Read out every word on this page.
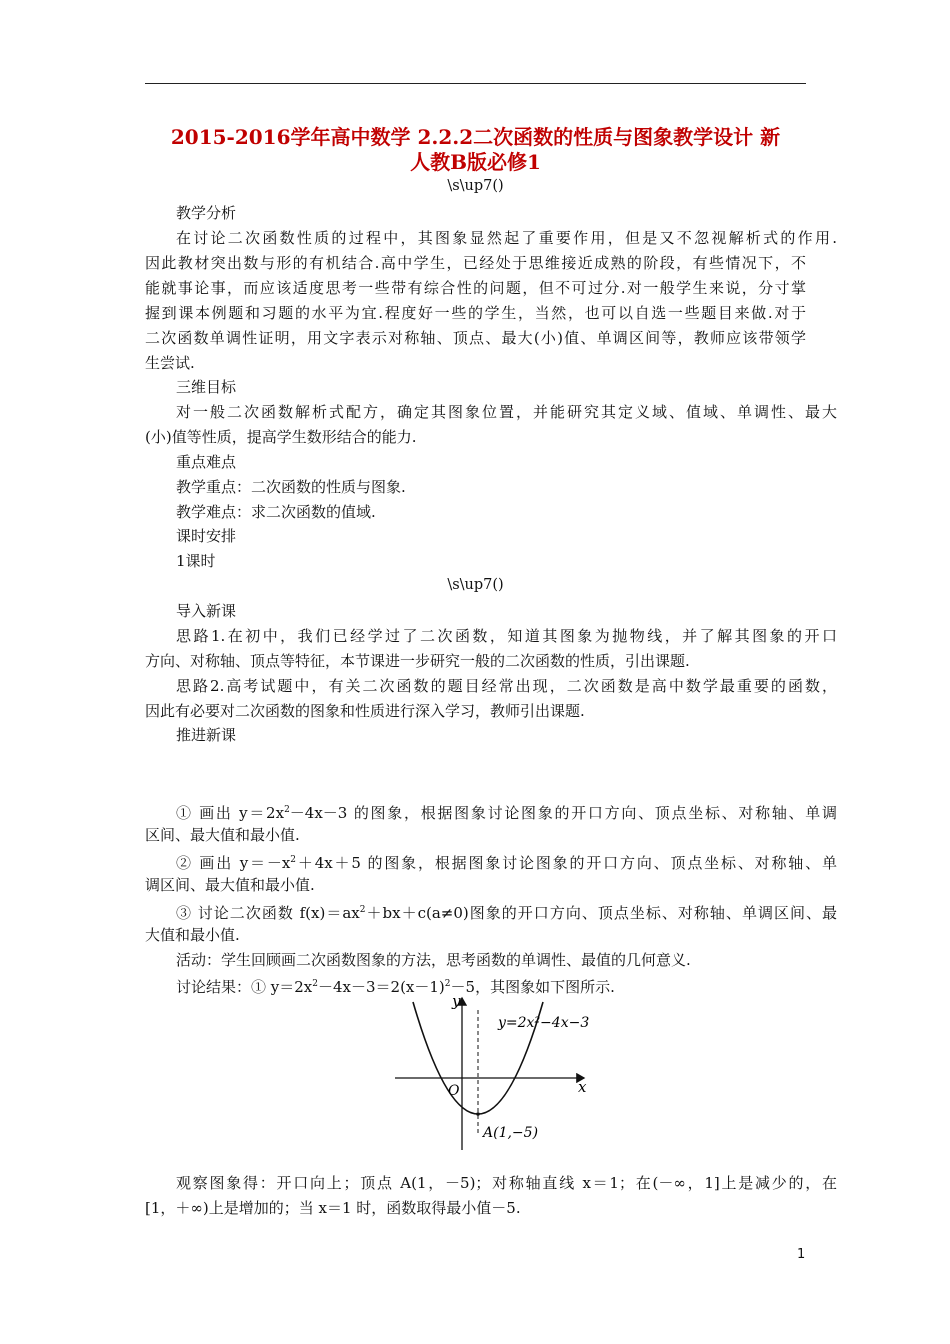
2015-2016学年高中数学 2.2.2二次函数的性质与图象教学设计 新
人教B版必修1
\s\up7()
教学分析
在讨论二次函数性质的过程中，其图象显然起了重要作用，但是又不忽视解析式的作用.
因此教材突出数与形的有机结合.高中学生，已经处于思维接近成熟的阶段，有些情况下，不
能就事论事，而应该适度思考一些带有综合性的问题，但不可过分.对一般学生来说，分寸掌
握到课本例题和习题的水平为宜.程度好一些的学生，当然，也可以自选一些题目来做.对于
二次函数单调性证明，用文字表示对称轴、顶点、最大(小)值、单调区间等，教师应该带领学
生尝试.
三维目标
对一般二次函数解析式配方，确定其图象位置，并能研究其定义域、值域、单调性、最大
(小)值等性质，提高学生数形结合的能力.
重点难点
教学重点：二次函数的性质与图象.
教学难点：求二次函数的值域.
课时安排
1课时
\s\up7()
导入新课
思路1.在初中，我们已经学过了二次函数，知道其图象为抛物线，并了解其图象的开口
方向、对称轴、顶点等特征，本节课进一步研究一般的二次函数的性质，引出课题.
思路2.高考试题中，有关二次函数的题目经常出现，二次函数是高中数学最重要的函数，
因此有必要对二次函数的图象和性质进行深入学习，教师引出课题.
推进新课
① 画出 $y=2x^2-4x-3$ 的图象，根据图象讨论图象的开口方向、顶点坐标、对称轴、单调
区间、最大值和最小值.
② 画出 $y=-x^2+4x+5$ 的图象，根据图象讨论图象的开口方向、顶点坐标、对称轴、单
调区间、最大值和最小值.
③ 讨论二次函数 $f(x)=ax^2+bx+c(a\ne 0)$图象的开口方向、顶点坐标、对称轴、单调区间、最
大值和最小值.
活动：学生回顾画二次函数图象的方法，思考函数的单调性、最值的几何意义.
讨论结果：① $y=2x^2-4x-3=2(x-1)^2-5$，其图象如下图所示.
y
x
O
y=2x²−4x−3
A(1,−5)
观察图象得：开口向上；顶点 A(1，－5)；对称轴直线 x＝1；在(－∞，1]上是减少的，在
[1，＋∞)上是增加的；当 x＝1 时，函数取得最小值－5.
1
